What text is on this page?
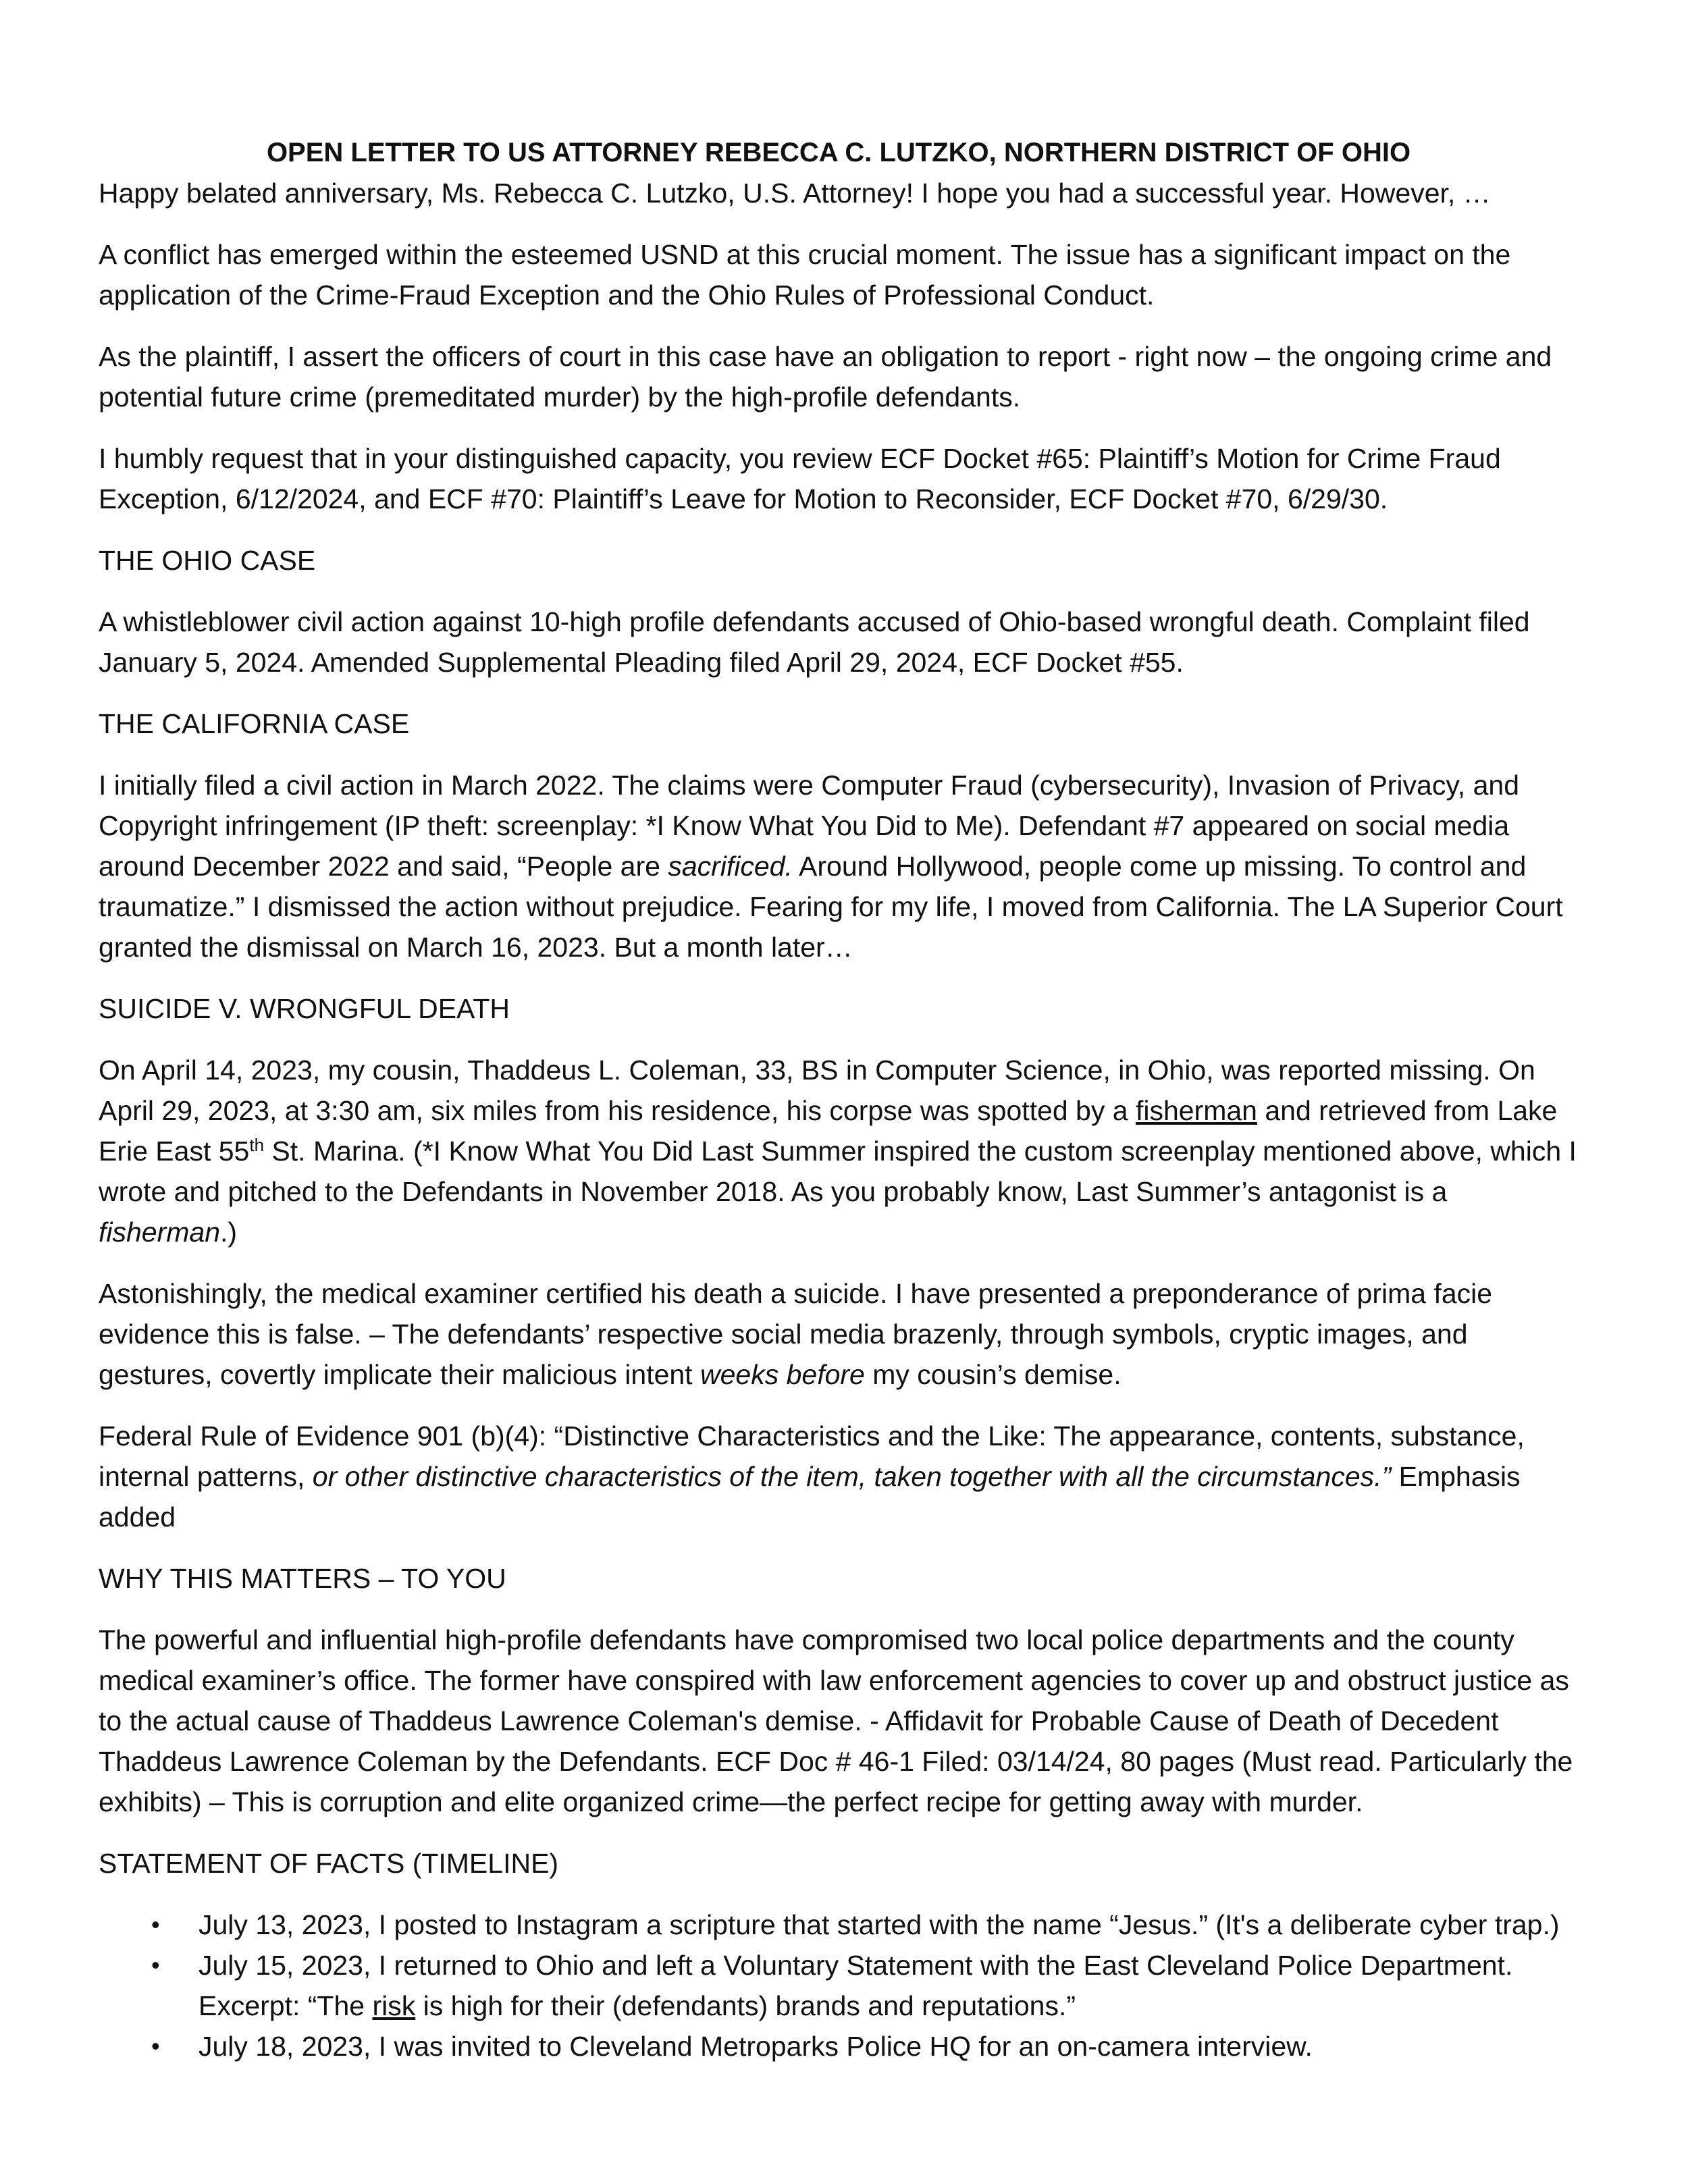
OPEN LETTER TO US ATTORNEY REBECCA C. LUTZKO, NORTHERN DISTRICT OF OHIO

Happy belated anniversary, Ms. Rebecca C. Lutzko, U.S. Attorney! I hope you had a successful year. However, …

A conflict has emerged within the esteemed USND at this crucial moment. The issue has a significant impact on the application of the Crime-Fraud Exception and the Ohio Rules of Professional Conduct.

As the plaintiff, I assert the officers of court in this case have an obligation to report - right now – the ongoing crime and potential future crime (premeditated murder) by the high-profile defendants.

I humbly request that in your distinguished capacity, you review ECF Docket #65: Plaintiff’s Motion for Crime Fraud Exception, 6/12/2024, and ECF #70: Plaintiff’s Leave for Motion to Reconsider, ECF Docket #70, 6/29/30.

THE OHIO CASE

A whistleblower civil action against 10-high profile defendants accused of Ohio-based wrongful death. Complaint filed January 5, 2024. Amended Supplemental Pleading filed April 29, 2024, ECF Docket #55.

THE CALIFORNIA CASE

I initially filed a civil action in March 2022. The claims were Computer Fraud (cybersecurity), Invasion of Privacy, and Copyright infringement (IP theft: screenplay: *I Know What You Did to Me). Defendant #7 appeared on social media around December 2022 and said, “People are sacrificed. Around Hollywood, people come up missing. To control and traumatize.” I dismissed the action without prejudice. Fearing for my life, I moved from California. The LA Superior Court granted the dismissal on March 16, 2023. But a month later…

SUICIDE V. WRONGFUL DEATH

On April 14, 2023, my cousin, Thaddeus L. Coleman, 33, BS in Computer Science, in Ohio, was reported missing. On April 29, 2023, at 3:30 am, six miles from his residence, his corpse was spotted by a fisherman and retrieved from Lake Erie East 55th St. Marina. (*I Know What You Did Last Summer inspired the custom screenplay mentioned above, which I wrote and pitched to the Defendants in November 2018. As you probably know, Last Summer’s antagonist is a fisherman.)

Astonishingly, the medical examiner certified his death a suicide. I have presented a preponderance of prima facie evidence this is false. – The defendants’ respective social media brazenly, through symbols, cryptic images, and gestures, covertly implicate their malicious intent weeks before my cousin’s demise.

Federal Rule of Evidence 901 (b)(4): “Distinctive Characteristics and the Like: The appearance, contents, substance, internal patterns, or other distinctive characteristics of the item, taken together with all the circumstances.” Emphasis added

WHY THIS MATTERS – TO YOU

The powerful and influential high-profile defendants have compromised two local police departments and the county medical examiner’s office. The former have conspired with law enforcement agencies to cover up and obstruct justice as to the actual cause of Thaddeus Lawrence Coleman's demise. - Affidavit for Probable Cause of Death of Decedent Thaddeus Lawrence Coleman by the Defendants. ECF Doc # 46-1 Filed: 03/14/24, 80 pages (Must read. Particularly the exhibits) – This is corruption and elite organized crime—the perfect recipe for getting away with murder.

STATEMENT OF FACTS (TIMELINE)

• July 13, 2023, I posted to Instagram a scripture that started with the name “Jesus.” (It's a deliberate cyber trap.)
• July 15, 2023, I returned to Ohio and left a Voluntary Statement with the East Cleveland Police Department. Excerpt: “The risk is high for their (defendants) brands and reputations.”
• July 18, 2023, I was invited to Cleveland Metroparks Police HQ for an on-camera interview.
